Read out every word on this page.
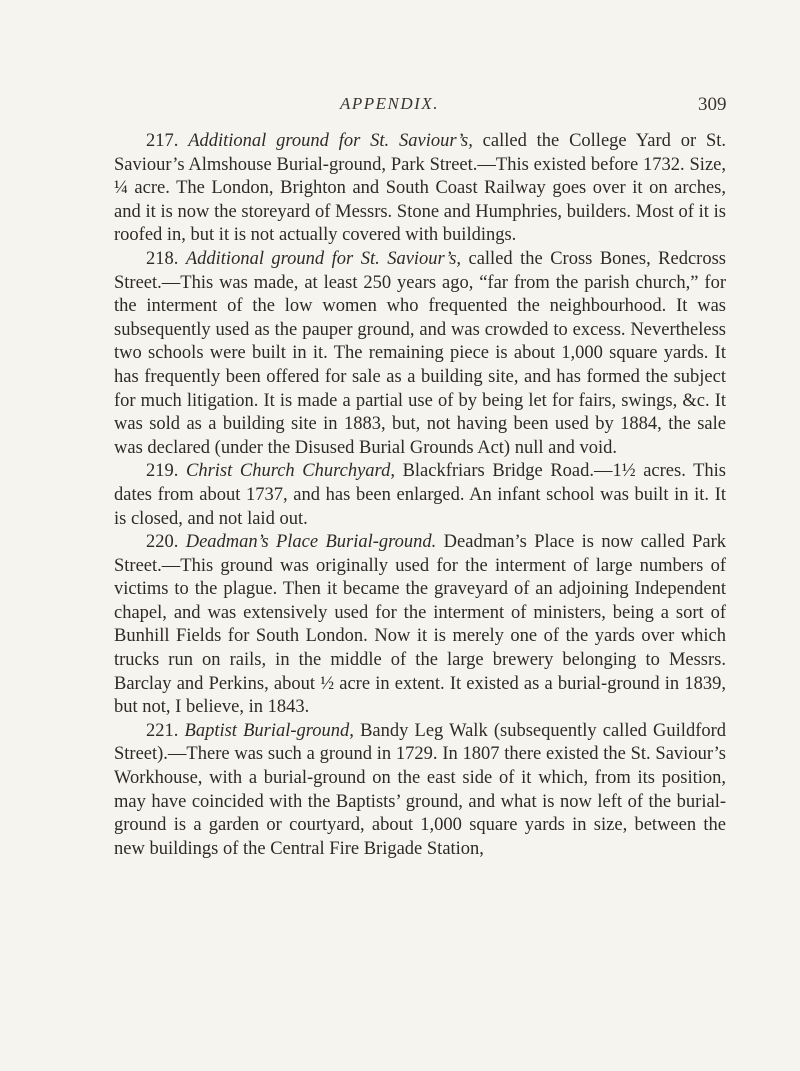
APPENDIX.	309

217. Additional ground for St. Saviour’s, called the College Yard or St. Saviour’s Almshouse Burial-ground, Park Street.—This existed before 1732. Size, ¼ acre. The London, Brighton and South Coast Railway goes over it on arches, and it is now the storeyard of Messrs. Stone and Humphries, builders. Most of it is roofed in, but it is not actually covered with buildings.

218. Additional ground for St. Saviour’s, called the Cross Bones, Redcross Street.—This was made, at least 250 years ago, “far from the parish church,” for the interment of the low women who frequented the neighbourhood. It was subsequently used as the pauper ground, and was crowded to excess. Nevertheless two schools were built in it. The remaining piece is about 1,000 square yards. It has frequently been offered for sale as a building site, and has formed the subject for much litigation. It is made a partial use of by being let for fairs, swings, &c. It was sold as a building site in 1883, but, not having been used by 1884, the sale was declared (under the Disused Burial Grounds Act) null and void.

219. Christ Church Churchyard, Blackfriars Bridge Road.—1½ acres. This dates from about 1737, and has been enlarged. An infant school was built in it. It is closed, and not laid out.

220. Deadman’s Place Burial-ground. Deadman’s Place is now called Park Street.—This ground was originally used for the interment of large numbers of victims to the plague. Then it became the graveyard of an adjoining Independent chapel, and was extensively used for the interment of ministers, being a sort of Bunhill Fields for South London. Now it is merely one of the yards over which trucks run on rails, in the middle of the large brewery belonging to Messrs. Barclay and Perkins, about ½ acre in extent. It existed as a burial-ground in 1839, but not, I believe, in 1843.

221. Baptist Burial-ground, Bandy Leg Walk (subsequently called Guildford Street).—There was such a ground in 1729. In 1807 there existed the St. Saviour’s Workhouse, with a burial-ground on the east side of it which, from its position, may have coincided with the Baptists’ ground, and what is now left of the burial-ground is a garden or courtyard, about 1,000 square yards in size, between the new buildings of the Central Fire Brigade Station,
